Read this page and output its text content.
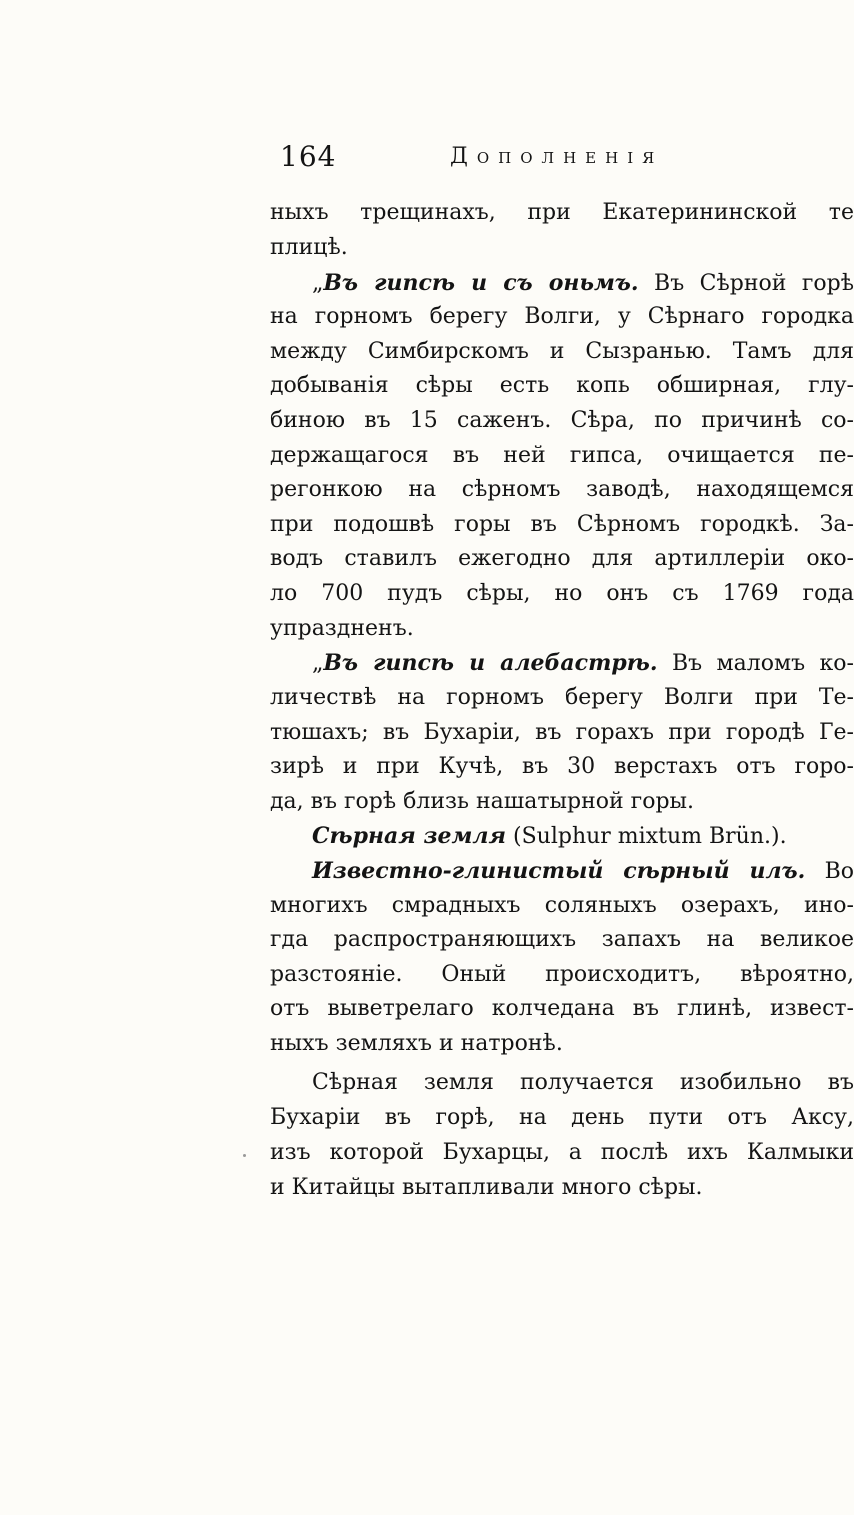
164	Дополненія
ныхъ трещинахъ, при Екатерининской те
плицѣ.
„Въ гипсѣ и съ оньмъ. Въ Сѣрной горѣ
на горномъ берегу Волги, у Сѣрнаго городка
между Симбирскомъ и Сызранью. Тамъ для
добыванія сѣры есть копь обширная, глу-
биною въ 15 саженъ. Сѣра, по причинѣ со-
держащагося въ ней гипса, очищается пе-
регонкою на сѣрномъ заводѣ, находящемся
при подошвѣ горы въ Сѣрномъ городкѣ. За-
водъ ставилъ ежегодно для артиллеріи око-
ло 700 пудъ сѣры, но онъ съ 1769 года
упраздненъ.
„Въ гипсѣ и алебастрѣ. Въ маломъ ко-
личествѣ на горномъ берегу Волги при Те-
тюшахъ; въ Бухаріи, въ горахъ при городѣ Ге-
зирѣ и при Кучѣ, въ 30 верстахъ отъ горо-
да, въ горѣ близь нашатырной горы.
Сѣрная земля (Sulphur mixtum Brün.).
Известно-глинистый сѣрный илъ. Во
многихъ смрадныхъ соляныхъ озерахъ, ино-
гда распространяющихъ запахъ на великое
разстояніе. Оный происходитъ, вѣроятно,
отъ выветрелаго колчедана въ глинѣ, извест-
ныхъ земляхъ и натронѣ.
Сѣрная земля получается изобильно въ
Бухаріи въ горѣ, на день пути отъ Аксу,
изъ которой Бухарцы, а послѣ ихъ Калмыки
и Китайцы вытапливали много сѣры.
